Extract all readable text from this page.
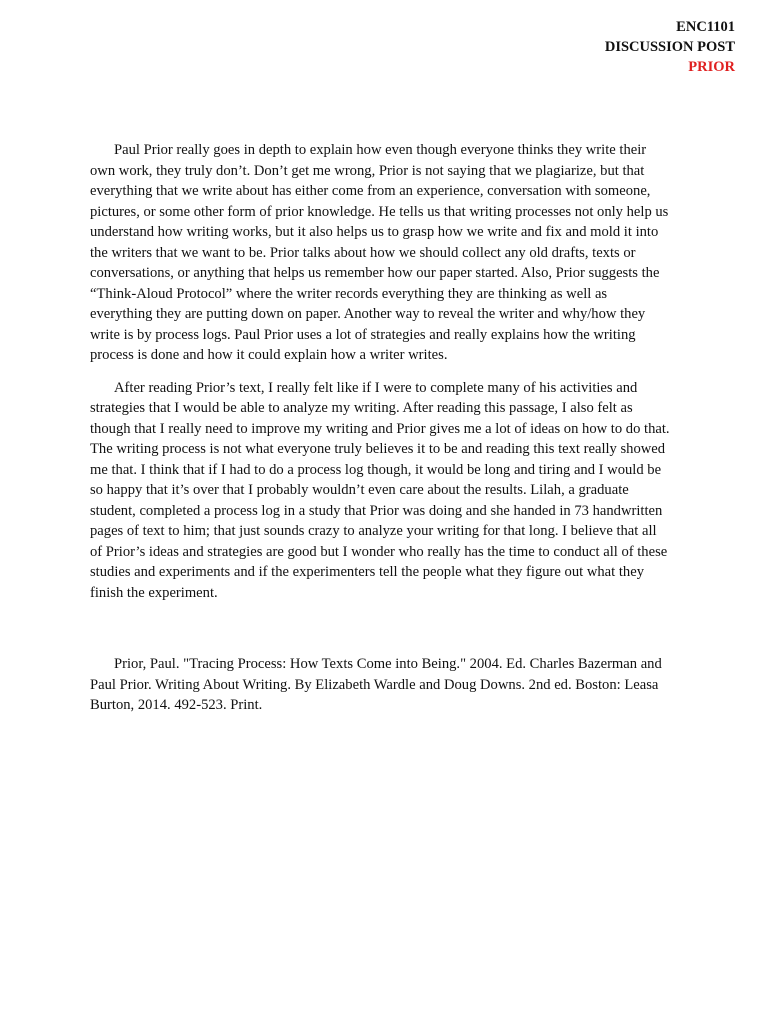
ENC1101
DISCUSSION POST
PRIOR

Paul Prior really goes in depth to explain how even though everyone thinks they write their own work, they truly don’t. Don’t get me wrong, Prior is not saying that we plagiarize, but that everything that we write about has either come from an experience, conversation with someone, pictures, or some other form of prior knowledge. He tells us that writing processes not only help us understand how writing works, but it also helps us to grasp how we write and fix and mold it into the writers that we want to be. Prior talks about how we should collect any old drafts, texts or conversations, or anything that helps us remember how our paper started. Also, Prior suggests the “Think-Aloud Protocol” where the writer records everything they are thinking as well as everything they are putting down on paper. Another way to reveal the writer and why/how they write is by process logs. Paul Prior uses a lot of strategies and really explains how the writing process is done and how it could explain how a writer writes.

After reading Prior’s text, I really felt like if I were to complete many of his activities and strategies that I would be able to analyze my writing. After reading this passage, I also felt as though that I really need to improve my writing and Prior gives me a lot of ideas on how to do that. The writing process is not what everyone truly believes it to be and reading this text really showed me that. I think that if I had to do a process log though, it would be long and tiring and I would be so happy that it’s over that I probably wouldn’t even care about the results. Lilah, a graduate student, completed a process log in a study that Prior was doing and she handed in 73 handwritten pages of text to him; that just sounds crazy to analyze your writing for that long. I believe that all of Prior’s ideas and strategies are good but I wonder who really has the time to conduct all of these studies and experiments and if the experimenters tell the people what they figure out what they finish the experiment.

Prior, Paul. "Tracing Process: How Texts Come into Being." 2004. Ed. Charles Bazerman and Paul Prior. Writing About Writing. By Elizabeth Wardle and Doug Downs. 2nd ed. Boston: Leasa Burton, 2014. 492-523. Print.
